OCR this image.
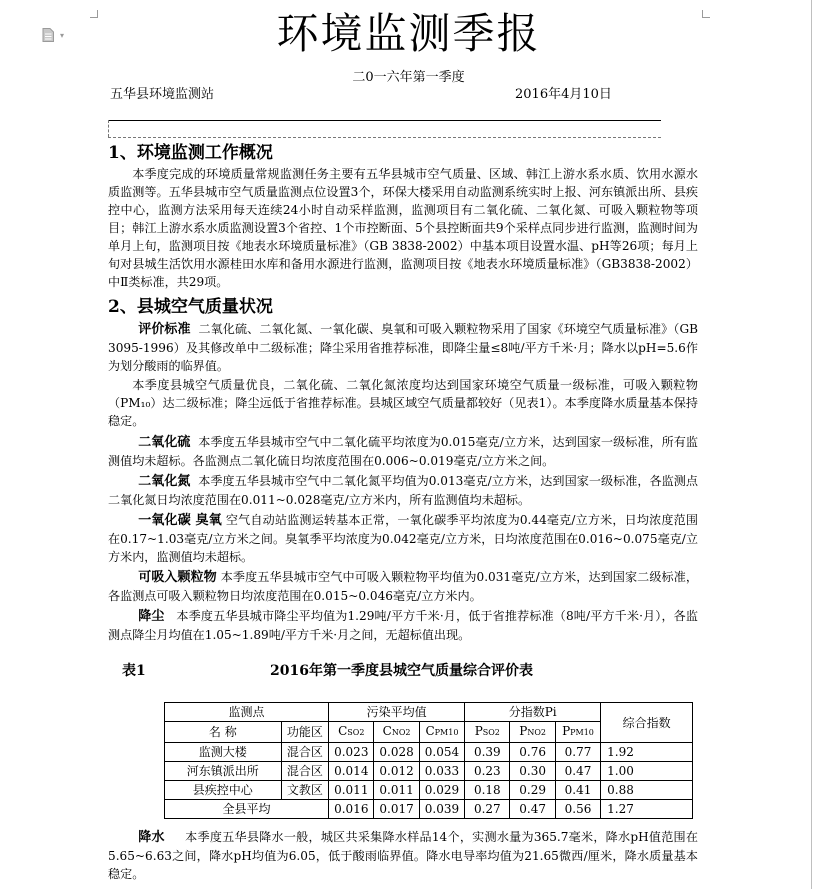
▾	环境监测季报
二0一六年第一季度
五华县环境监测站	2016年4月10日
1、环境监测工作概况

本季度完成的环境质量常规监测任务主要有五华县城市空气质量、区域、韩江上游水系水质、饮用水源水质监测等。五华县城市空气质量监测点位设置3个，环保大楼采用自动监测系统实时上报、河东镇派出所、县疾控中心，监测方法采用每天连续24小时自动采样监测，监测项目有二氧化硫、二氧化氮、可吸入颗粒物等项目；韩江上游水系水质监测设置3个省控、1个市控断面、5个县控断面共9个采样点同步进行监测，监测时间为单月上旬，监测项目按《地表水环境质量标准》（GB 3838-2002）中基本项目设置水温、pH等26项；每月上旬对县城生活饮用水源桂田水库和备用水源进行监测，监测项目按《地表水环境质量标准》（GB3838-2002）中Ⅱ类标准，共29项。

2、县城空气质量状况

评价标准 二氧化硫、二氧化氮、一氧化碳、臭氧和可吸入颗粒物采用了国家《环境空气质量标准》（GB 3095-1996）及其修改单中二级标准；降尘采用省推荐标准，即降尘量≤8吨/平方千米·月；降水以pH=5.6作为划分酸雨的临界值。

本季度县城空气质量优良，二氧化硫、二氧化氮浓度均达到国家环境空气质量一级标准，可吸入颗粒物（PM₁₀）达二级标准；降尘远低于省推荐标准。县城区域空气质量都较好（见表1）。本季度降水质量基本保持稳定。

二氧化硫 本季度五华县城市空气中二氧化硫平均浓度为0.015毫克/立方米，达到国家一级标准，所有监测值均未超标。各监测点二氧化硫日均浓度范围在0.006~0.019毫克/立方米之间。

二氧化氮 本季度五华县城市空气中二氧化氮平均值为0.013毫克/立方米，达到国家一级标准，各监测点二氧化氮日均浓度范围在0.011~0.028毫克/立方米内，所有监测值均未超标。

一氧化碳 臭氧 空气自动站监测运转基本正常，一氧化碳季平均浓度为0.44毫克/立方米，日均浓度范围在0.17~1.03毫克/立方米之间。臭氧季平均浓度为0.042毫克/立方米，日均浓度范围在0.016~0.075毫克/立方米内，监测值均未超标。

可吸入颗粒物 本季度五华县城市空气中可吸入颗粒物平均值为0.031毫克/立方米，达到国家二级标准，各监测点可吸入颗粒物日均浓度范围在0.015~0.046毫克/立方米内。

降尘 本季度五华县城市降尘平均值为1.29吨/平方千米·月，低于省推荐标准（8吨/平方千米·月），各监测点降尘月均值在1.05~1.89吨/平方千米·月之间，无超标值出现。

表1	2016年第一季度县城空气质量综合评价表
监测点		污染平均值			分指数Pi			综合指数
名 称	功能区	CSO2	CNO2	CPM10	PSO2	PNO2	PPM10	
监测大楼	混合区	0.023	0.028	0.054	0.39	0.76	0.77	1.92
河东镇派出所	混合区	0.014	0.012	0.033	0.23	0.30	0.47	1.00
县疾控中心	文教区	0.011	0.011	0.029	0.18	0.29	0.41	0.88
全县平均		0.016	0.017	0.039	0.27	0.47	0.56	1.27

降水 本季度五华县降水一般，城区共采集降水样品14个，实测水量为365.7毫米，降水pH值范围在5.65~6.63之间，降水pH均值为6.05，低于酸雨临界值。降水电导率均值为21.65微西/厘米，降水质量基本稳定。
